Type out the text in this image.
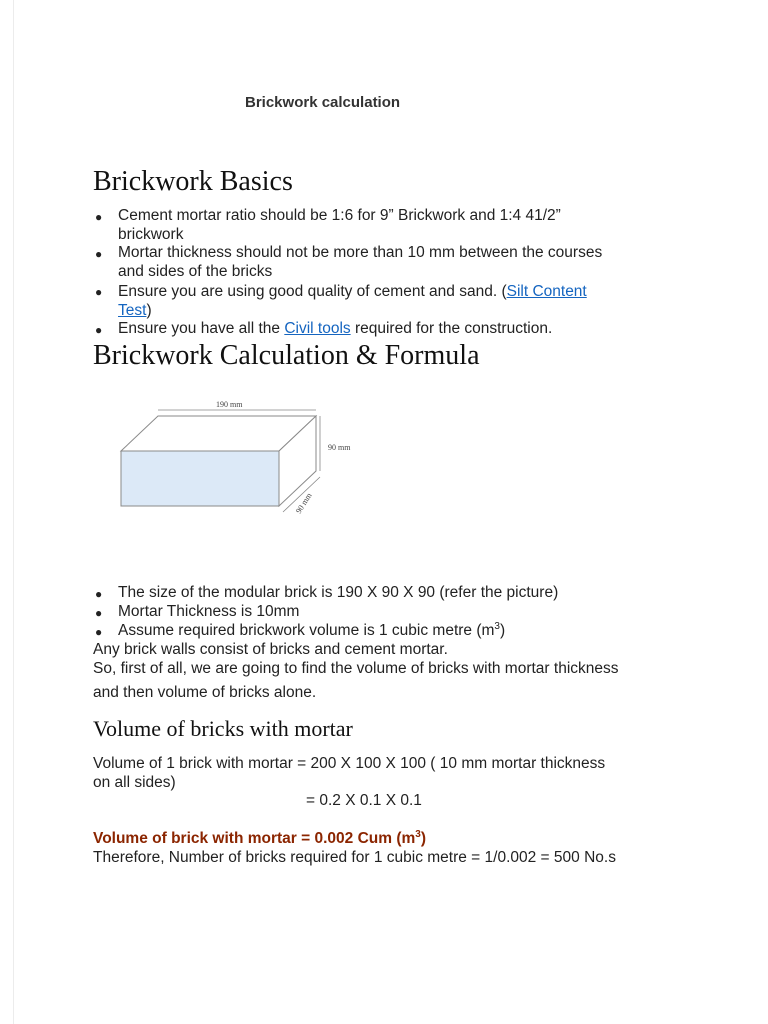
Brickwork calculation
Brickwork Basics
● Cement mortar ratio should be 1:6 for 9” Brickwork and 1:4 41/2”
brickwork
● Mortar thickness should not be more than 10 mm between the courses
and sides of the bricks
● Ensure you are using good quality of cement and sand. (Silt Content
Test)
● Ensure you have all the Civil tools required for the construction.
Brickwork Calculation & Formula
190 mm
90 mm
90 mm
● The size of the modular brick is 190 X 90 X 90 (refer the picture)
● Mortar Thickness is 10mm
● Assume required brickwork volume is 1 cubic metre $(m^3)$
Any brick walls consist of bricks and cement mortar.
So, first of all, we are going to find the volume of bricks with mortar thickness
and then volume of bricks alone.
Volume of bricks with mortar
Volume of 1 brick with mortar = 200 X 100 X 100 ( 10 mm mortar thickness
on all sides)
= 0.2 X 0.1 X 0.1
Volume of brick with mortar = 0.002 Cum $(m^3)$
Therefore, Number of bricks required for 1 cubic metre = 1/0.002 = 500 No.s
